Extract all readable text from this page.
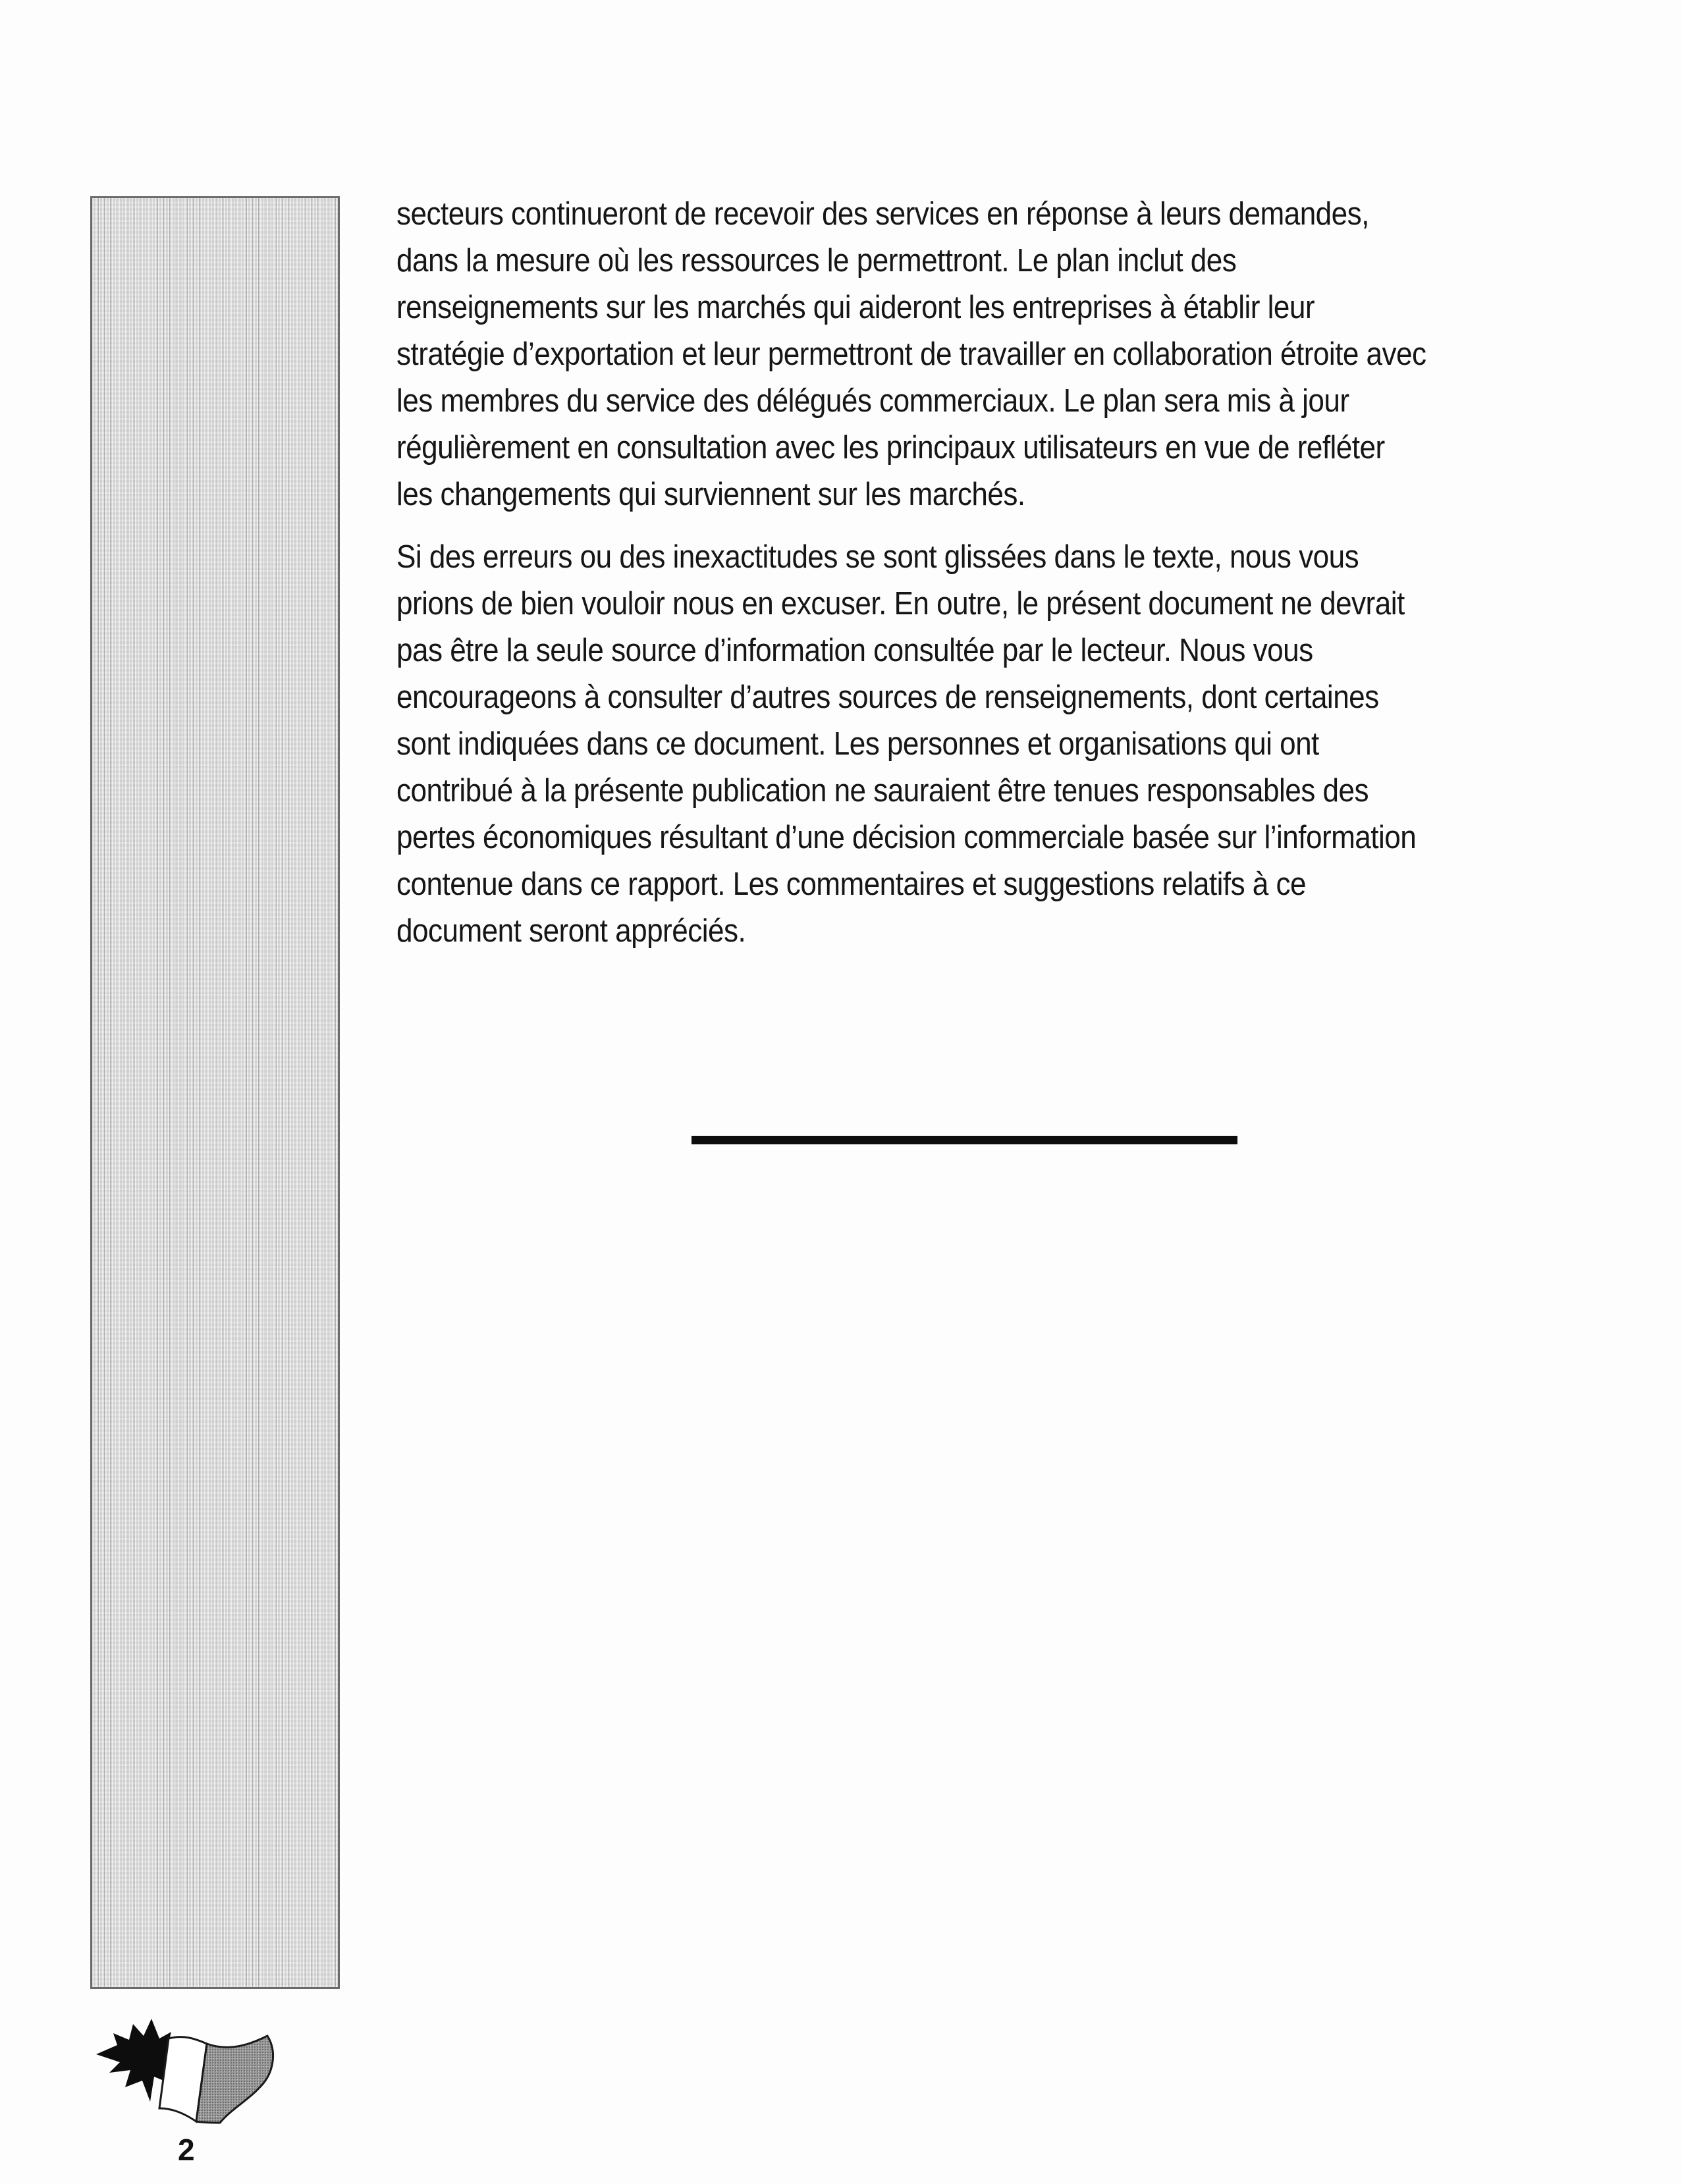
secteurs continueront de recevoir des services en réponse à leurs demandes, dans la mesure où les ressources le permettront. Le plan inclut des renseignements sur les marchés qui aideront les entreprises à établir leur stratégie d’exportation et leur permettront de travailler en collaboration étroite avec les membres du service des délégués commerciaux. Le plan sera mis à jour régulièrement en consultation avec les principaux utilisateurs en vue de refléter les changements qui surviennent sur les marchés.

Si des erreurs ou des inexactitudes se sont glissées dans le texte, nous vous prions de bien vouloir nous en excuser. En outre, le présent document ne devrait pas être la seule source d’information consultée par le lecteur. Nous vous encourageons à consulter d’autres sources de renseignements, dont certaines sont indiquées dans ce document. Les personnes et organisations qui ont contribué à la présente publication ne sauraient être tenues responsables des pertes économiques résultant d’une décision commerciale basée sur l’information contenue dans ce rapport. Les commentaires et suggestions relatifs à ce document seront appréciés.

2
